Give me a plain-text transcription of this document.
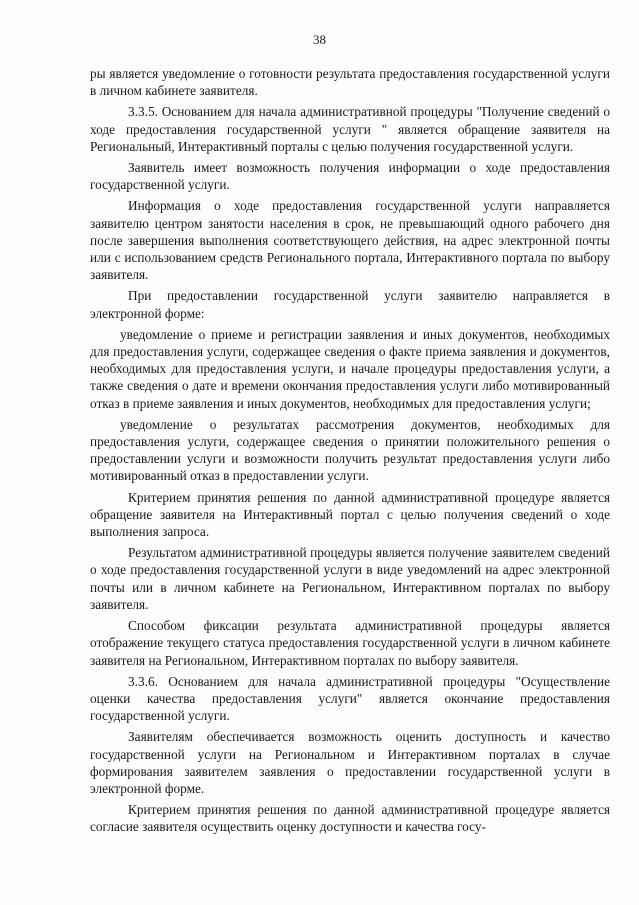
38

ры является уведомление о готовности результата предоставления государственной услуги в личном кабинете заявителя.

3.3.5. Основанием для начала административной процедуры "Получение сведений о ходе предоставления государственной услуги " является обращение заявителя на Региональный, Интерактивный порталы с целью получения государственной услуги.

Заявитель имеет возможность получения информации о ходе предоставления государственной услуги.

Информация о ходе предоставления государственной услуги направляется заявителю центром занятости населения в срок, не превышающий одного рабочего дня после завершения выполнения соответствующего действия, на адрес электронной почты или с использованием средств Регионального портала, Интерактивного портала по выбору заявителя.

При предоставлении государственной услуги заявителю направляется в электронной форме:

уведомление о приеме и регистрации заявления и иных документов, необходимых для предоставления услуги, содержащее сведения о факте приема заявления и документов, необходимых для предоставления услуги, и начале процедуры предоставления услуги, а также сведения о дате и времени окончания предоставления услуги либо мотивированный отказ в приеме заявления и иных документов, необходимых для предоставления услуги;

уведомление о результатах рассмотрения документов, необходимых для предоставления услуги, содержащее сведения о принятии положительного решения о предоставлении услуги и возможности получить результат предоставления услуги либо мотивированный отказ в предоставлении услуги.

Критерием принятия решения по данной административной процедуре является обращение заявителя на Интерактивный портал с целью получения сведений о ходе выполнения запроса.

Результатом административной процедуры является получение заявителем сведений о ходе предоставления государственной услуги в виде уведомлений на адрес электронной почты или в личном кабинете на Региональном, Интерактивном порталах по выбору заявителя.

Способом фиксации результата административной процедуры является отображение текущего статуса предоставления государственной услуги в личном кабинете заявителя на Региональном, Интерактивном порталах по выбору заявителя.

3.3.6. Основанием для начала административной процедуры "Осуществление оценки качества предоставления услуги" является окончание предоставления государственной услуги.

Заявителям обеспечивается возможность оценить доступность и качество государственной услуги на Региональном и Интерактивном порталах в случае формирования заявителем заявления о предоставлении государственной услуги в электронной форме.

Критерием принятия решения по данной административной процедуре является согласие заявителя осуществить оценку доступности и качества госу-
